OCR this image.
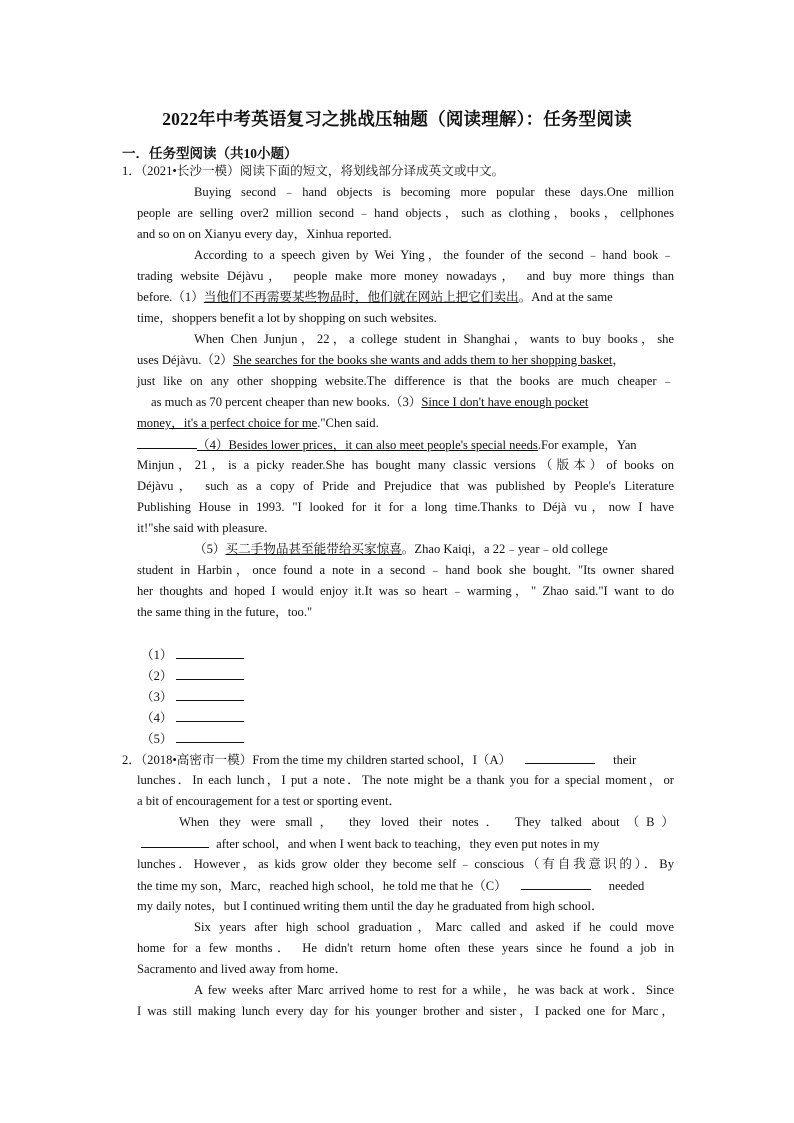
2022年中考英语复习之挑战压轴题（阅读理解）：任务型阅读
一．任务型阅读（共10小题）
1．（2021•长沙一模）阅读下面的短文，将划线部分译成英文或中文。
Buying second﹣hand objects is becoming more popular these days.One million
people are selling over2 million second﹣hand objects，such as clothing，books，cellphones
and so on on Xianyu every day，Xinhua reported.
According to a speech given by Wei Ying，the founder of the second﹣hand book﹣
trading website Déjàvu， people make more money nowadays， and buy more things than
before.（1）当他们不再需要某些物品时，他们就在网站上把它们卖出。And at the same
time，shoppers benefit a lot by shopping on such websites.
When Chen Junjun，22，a college student in Shanghai，wants to buy books，she
uses Déjàvu.（2）She searches for the books she wants and adds them to her shopping basket，
just like on any other shopping website.The difference is that the books are much cheaper﹣
as much as 70 percent cheaper than new books.（3）Since I don't have enough pocket
money，it's a perfect choice for me."Chen said.
（4）Besides lower prices，it can also meet people's special needs.For example，Yan
Minjun，21，is a picky reader.She has bought many classic versions（版本）of books on
Déjàvu， such as a copy of Pride and Prejudice that was published by People's Literature
Publishing House in 1993. "I looked for it for a long time.Thanks to Déjà vu，now I have
it!"she said with pleasure.
（5）买二手物品甚至能带给买家惊喜。Zhao Kaiqi，a 22﹣year﹣old college
student in Harbin，once found a note in a second﹣hand book she bought. "Its owner shared
her thoughts and hoped I would enjoy it.It was so heart﹣warming，" Zhao said."I want to do
the same thing in the future，too."
（1）
（2）
（3）
（4）
（5）
2．（2018•高密市一模）From the time my children started school，I（A）	their
lunches．In each lunch，I put a note．The note might be a thank you for a special moment，or
a bit of encouragement for a test or sporting event．
When they were small， they loved their notes． They talked about（B）
after school，and when I went back to teaching，they even put notes in my
lunches．However，as kids grow older they become self﹣conscious（有自我意识的）．By
the time my son，Marc，reached high school，he told me that he（C）	needed
my daily notes，but I continued writing them until the day he graduated from high school．
Six years after high school graduation，Marc called and asked if he could move
home for a few months． He didn't return home often these years since he found a job in
Sacramento and lived away from home．
A few weeks after Marc arrived home to rest for a while，he was back at work．Since
I was still making lunch every day for his younger brother and sister，I packed one for Marc，
